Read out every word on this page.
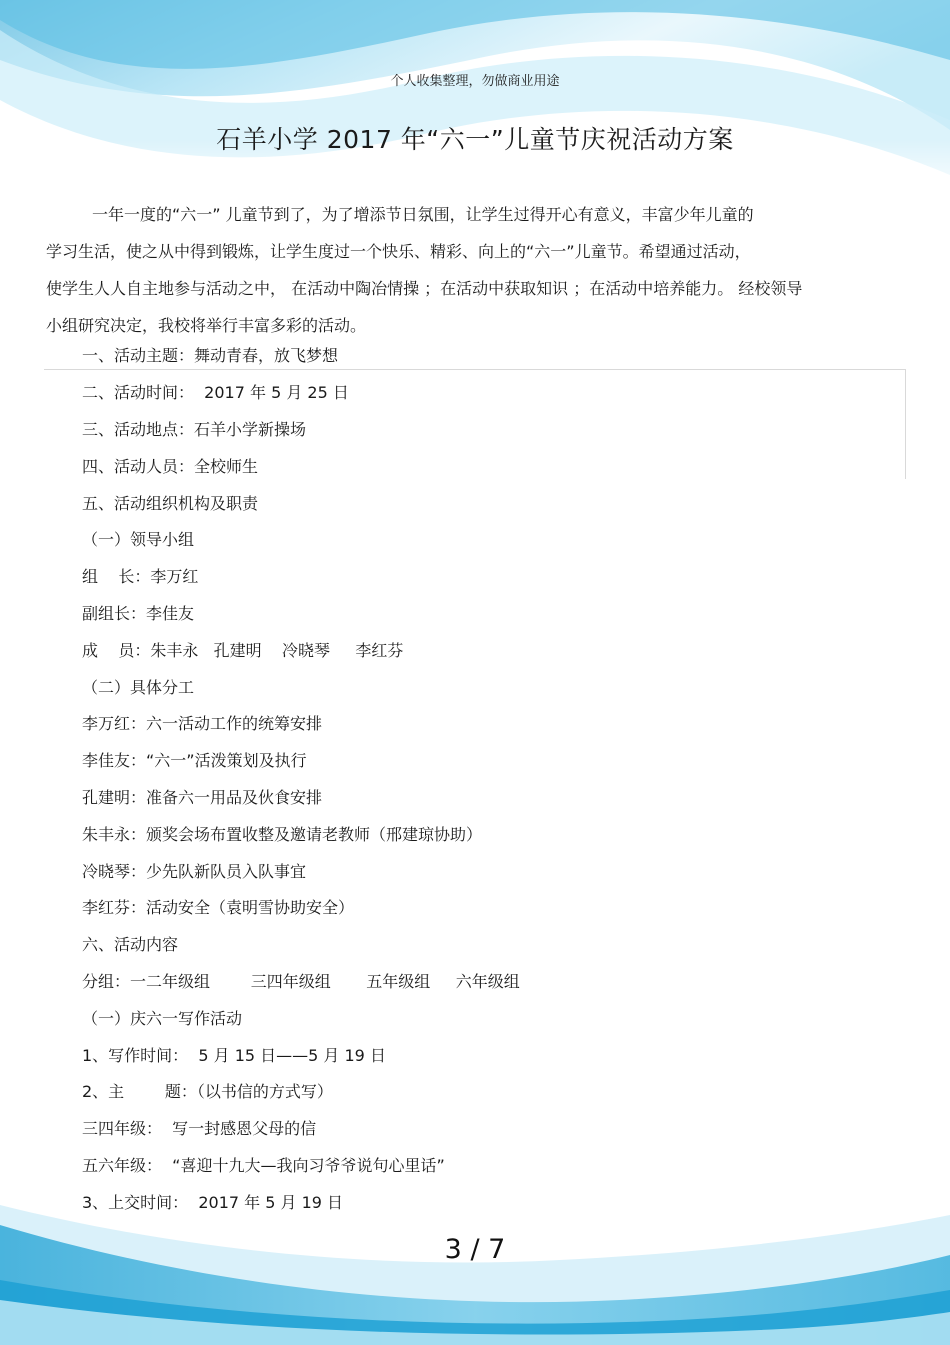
个人收集整理，勿做商业用途
石羊小学 2017 年“六一”儿童节庆祝活动方案
一年一度的“六一” 儿童节到了，为了增添节日氛围，让学生过得开心有意义，丰富少年儿童的
学习生活，使之从中得到锻炼，让学生度过一个快乐、精彩、向上的“六一”儿童节。希望通过活动，
使学生人人自主地参与活动之中， 在活动中陶冶情操 ；在活动中获取知识 ；在活动中培养能力。 经校领导
小组研究决定，我校将举行丰富多彩的活动。
一、活动主题：舞动青春，放飞梦想
二、活动时间：  2017 年 5 月 25 日
三、活动地点：石羊小学新操场
四、活动人员：全校师生
五、活动组织机构及职责
（一）领导小组
组    长：李万红
副组长：李佳友
成    员：朱丰永   孔建明    冷晓琴     李红芬
（二）具体分工
李万红：六一活动工作的统筹安排
李佳友：“六一”活泼策划及执行
孔建明：准备六一用品及伙食安排
朱丰永：颁奖会场布置收整及邀请老教师（邢建琼协助）
冷晓琴：少先队新队员入队事宜
李红芬：活动安全（袁明雪协助安全）
六、活动内容
分组：一二年级组        三四年级组       五年级组     六年级组
（一）庆六一写作活动
1、写作时间：  5 月 15 日——5 月 19 日
2、主        题：（以书信的方式写）
三四年级：  写一封感恩父母的信
五六年级：  “喜迎十九大—我向习爷爷说句心里话”
3、上交时间：  2017 年 5 月 19 日
3 / 7
